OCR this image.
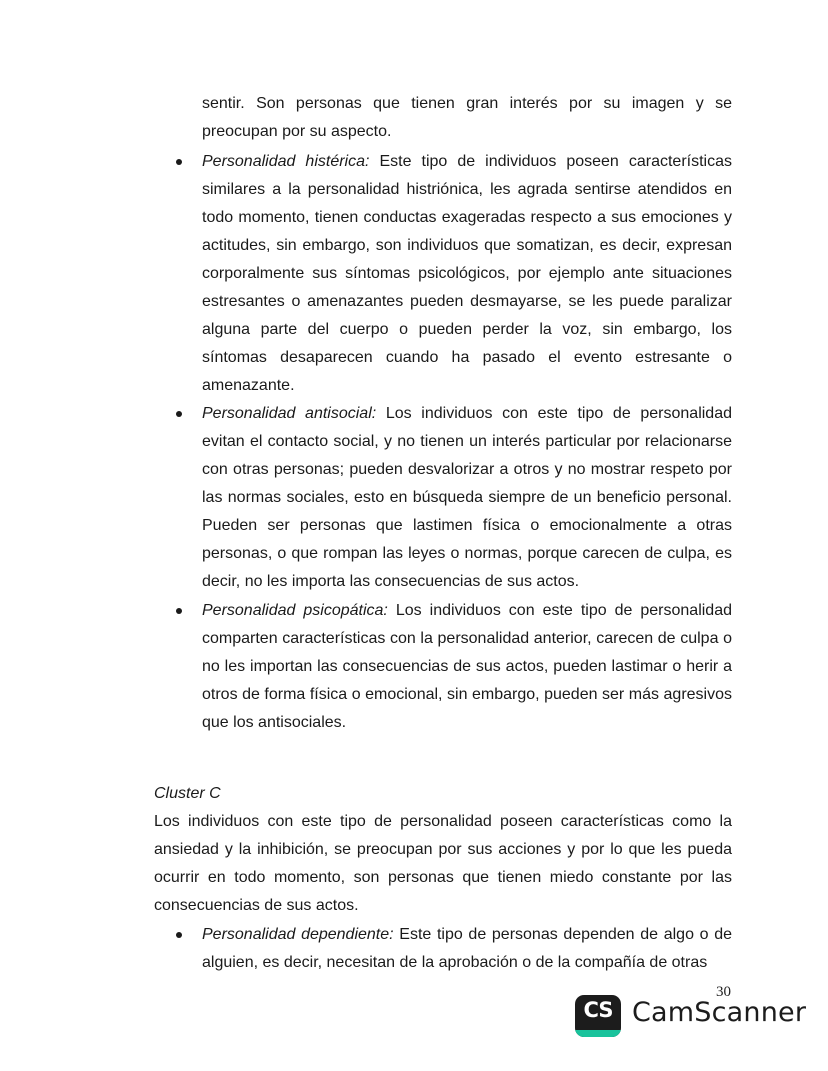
sentir. Son personas que tienen gran interés por su imagen y se preocupan por su aspecto.

Personalidad histérica: Este tipo de individuos poseen características similares a la personalidad histriónica, les agrada sentirse atendidos en todo momento, tienen conductas exageradas respecto a sus emociones y actitudes, sin embargo, son individuos que somatizan, es decir, expresan corporalmente sus síntomas psicológicos, por ejemplo ante situaciones estresantes o amenazantes pueden desmayarse, se les puede paralizar alguna parte del cuerpo o pueden perder la voz, sin embargo, los síntomas desaparecen cuando ha pasado el evento estresante o amenazante.
Personalidad antisocial: Los individuos con este tipo de personalidad evitan el contacto social, y no tienen un interés particular por relacionarse con otras personas; pueden desvalorizar a otros y no mostrar respeto por las normas sociales, esto en búsqueda siempre de un beneficio personal. Pueden ser personas que lastimen física o emocionalmente a otras personas, o que rompan las leyes o normas, porque carecen de culpa, es decir, no les importa las consecuencias de sus actos.
Personalidad psicopática: Los individuos con este tipo de personalidad comparten características con la personalidad anterior, carecen de culpa o no les importan las consecuencias de sus actos, pueden lastimar o herir a otros de forma física o emocional, sin embargo, pueden ser más agresivos que los antisociales.

Cluster C

Los individuos con este tipo de personalidad poseen características como la ansiedad y la inhibición, se preocupan por sus acciones y por lo que les pueda ocurrir en todo momento, son personas que tienen miedo constante por las consecuencias de sus actos.

Personalidad dependiente: Este tipo de personas dependen de algo o de alguien, es decir, necesitan de la aprobación o de la compañía de otras
30
CS CamScanner
